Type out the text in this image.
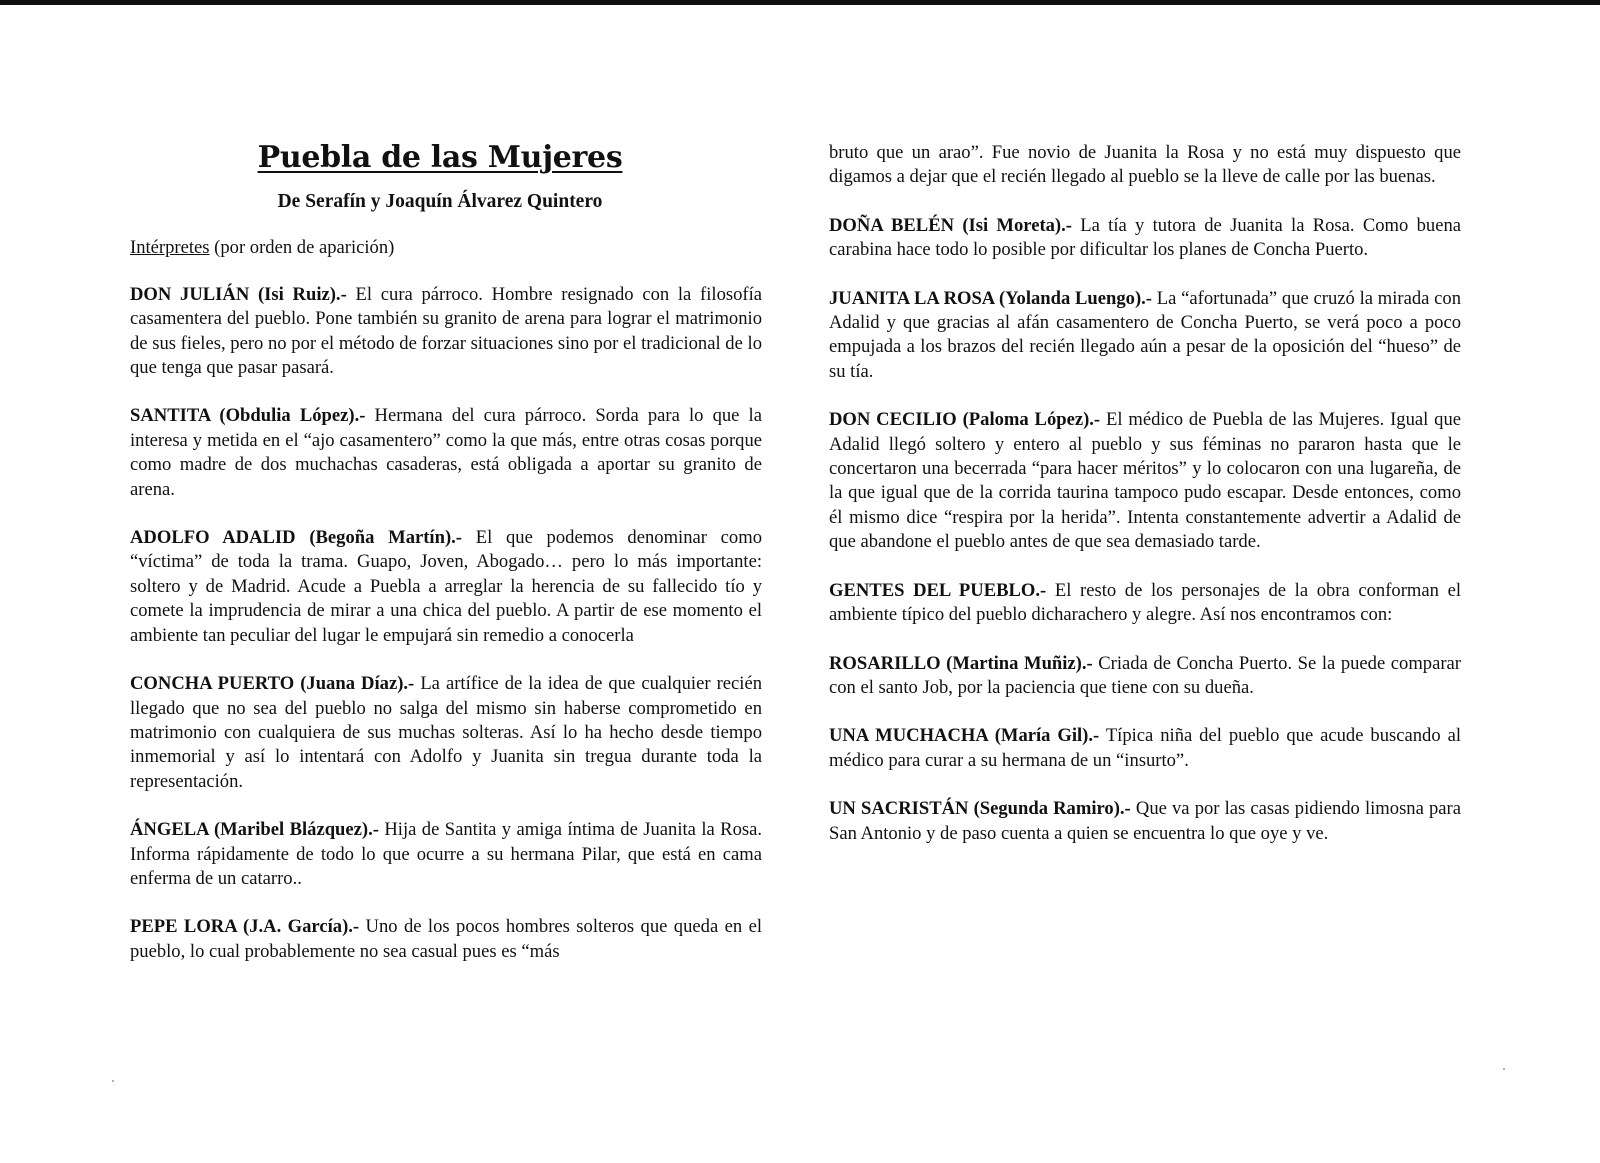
Puebla de las Mujeres
De Serafín y Joaquín Álvarez Quintero
Intérpretes (por orden de aparición)

DON JULIÁN (Isi Ruiz).- El cura párroco. Hombre resignado con la filosofía casamentera del pueblo. Pone también su granito de arena para lograr el matrimonio de sus fieles, pero no por el método de forzar situaciones sino por el tradicional de lo que tenga que pasar pasará.

SANTITA (Obdulia López).- Hermana del cura párroco. Sorda para lo que la interesa y metida en el “ajo casamentero” como la que más, entre otras cosas porque como madre de dos muchachas casaderas, está obligada a aportar su granito de arena.

ADOLFO ADALID (Begoña Martín).- El que podemos denominar como “víctima” de toda la trama. Guapo, Joven, Abogado… pero lo más importante: soltero y de Madrid. Acude a Puebla a arreglar la herencia de su fallecido tío y comete la imprudencia de mirar a una chica del pueblo. A partir de ese momento el ambiente tan peculiar del lugar le empujará sin remedio a conocerla

CONCHA PUERTO (Juana Díaz).- La artífice de la idea de que cualquier recién llegado que no sea del pueblo no salga del mismo sin haberse comprometido en matrimonio con cualquiera de sus muchas solteras. Así lo ha hecho desde tiempo inmemorial y así lo intentará con Adolfo y Juanita sin tregua durante toda la representación.

ÁNGELA (Maribel Blázquez).- Hija de Santita y amiga íntima de Juanita la Rosa. Informa rápidamente de todo lo que ocurre a su hermana Pilar, que está en cama enferma de un catarro..

PEPE LORA (J.A. García).- Uno de los pocos hombres solteros que queda en el pueblo, lo cual probablemente no sea casual pues es “más

bruto que un arao”. Fue novio de Juanita la Rosa y no está muy dispuesto que digamos a dejar que el recién llegado al pueblo se la lleve de calle por las buenas.

DOÑA BELÉN (Isi Moreta).- La tía y tutora de Juanita la Rosa. Como buena carabina hace todo lo posible por dificultar los planes de Concha Puerto.

JUANITA LA ROSA (Yolanda Luengo).- La “afortunada” que cruzó la mirada con Adalid y que gracias al afán casamentero de Concha Puerto, se verá poco a poco empujada a los brazos del recién llegado aún a pesar de la oposición del “hueso” de su tía.

DON CECILIO (Paloma López).- El médico de Puebla de las Mujeres. Igual que Adalid llegó soltero y entero al pueblo y sus féminas no pararon hasta que le concertaron una becerrada “para hacer méritos” y lo colocaron con una lugareña, de la que igual que de la corrida taurina tampoco pudo escapar. Desde entonces, como él mismo dice “respira por la herida”. Intenta constantemente advertir a Adalid de que abandone el pueblo antes de que sea demasiado tarde.

GENTES DEL PUEBLO.- El resto de los personajes de la obra conforman el ambiente típico del pueblo dicharachero y alegre. Así nos encontramos con:

ROSARILLO (Martina Muñiz).- Criada de Concha Puerto. Se la puede comparar con el santo Job, por la paciencia que tiene con su dueña.

UNA MUCHACHA (María Gil).- Típica niña del pueblo que acude buscando al médico para curar a su hermana de un “insurto”.

UN SACRISTÁN (Segunda Ramiro).- Que va por las casas pidiendo limosna para San Antonio y de paso cuenta a quien se encuentra lo que oye y ve.
